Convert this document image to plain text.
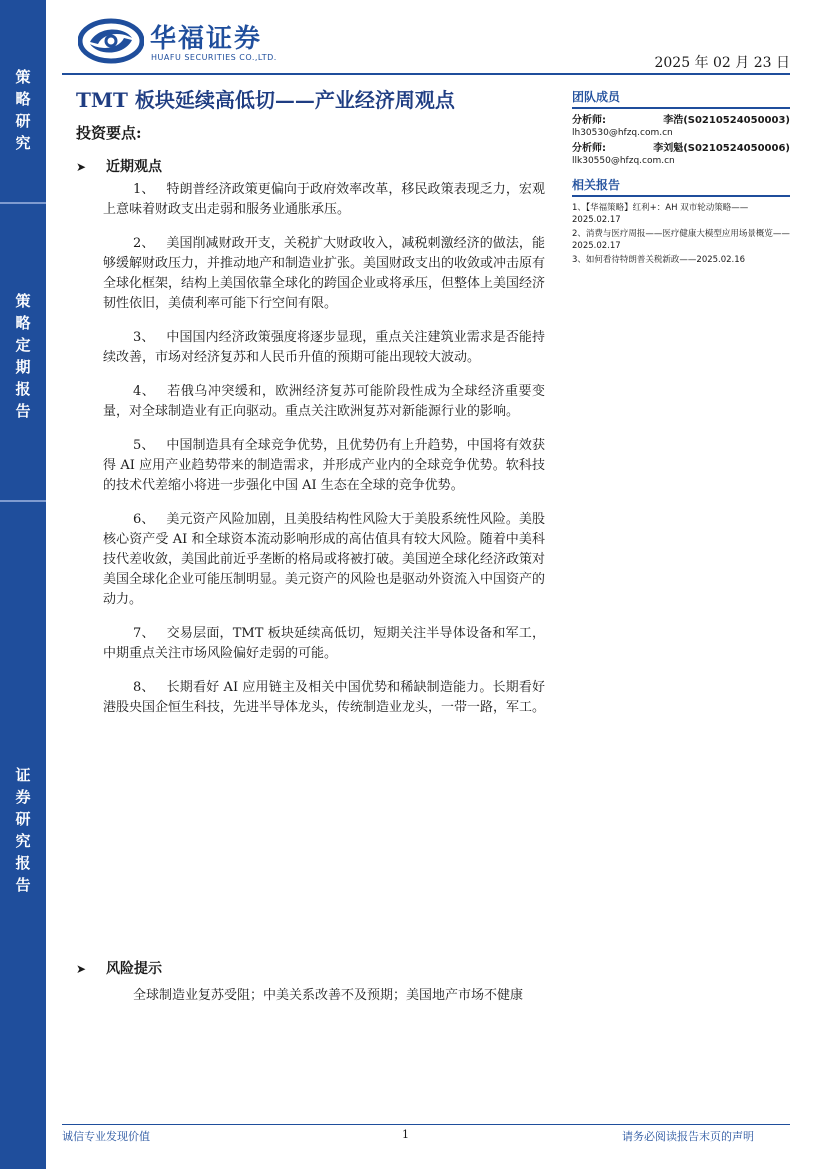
策略研究
策略定期报告
证券研究报告
华福证券
HUAFU SECURITIES CO.,LTD.	2025 年 02 月 23 日
TMT 板块延续高低切——产业经济周观点
投资要点:
➤ 近期观点

1、 特朗普经济政策更偏向于政府效率改革，移民政策表现乏力，宏观上意味着财政支出走弱和服务业通胀承压。

2、 美国削减财政开支，关税扩大财政收入，减税刺激经济的做法，能够缓解财政压力，并推动地产和制造业扩张。美国财政支出的收敛或冲击原有全球化框架，结构上美国依靠全球化的跨国企业或将承压，但整体上美国经济韧性依旧，美债利率可能下行空间有限。

3、 中国国内经济政策强度将逐步显现，重点关注建筑业需求是否能持续改善，市场对经济复苏和人民币升值的预期可能出现较大波动。

4、 若俄乌冲突缓和，欧洲经济复苏可能阶段性成为全球经济重要变量，对全球制造业有正向驱动。重点关注欧洲复苏对新能源行业的影响。

5、 中国制造具有全球竞争优势，且优势仍有上升趋势，中国将有效获得 AI 应用产业趋势带来的制造需求，并形成产业内的全球竞争优势。软科技的技术代差缩小将进一步强化中国 AI 生态在全球的竞争优势。

6、 美元资产风险加剧，且美股结构性风险大于美股系统性风险。美股核心资产受 AI 和全球资本流动影响形成的高估值具有较大风险。随着中美科技代差收敛，美国此前近乎垄断的格局或将被打破。美国逆全球化经济政策对美国全球化企业可能压制明显。美元资产的风险也是驱动外资流入中国资产的动力。

7、 交易层面，TMT 板块延续高低切，短期关注半导体设备和军工，中期重点关注市场风险偏好走弱的可能。

8、 长期看好 AI 应用链主及相关中国优势和稀缺制造能力。长期看好港股央国企恒生科技，先进半导体龙头，传统制造业龙头，一带一路，军工。

➤ 风险提示
全球制造业复苏受阻；中美关系改善不及预期；美国地产市场不健康
团队成员
分析师:	李浩(S0210524050003)
lh30530@hfzq.com.cn
分析师:	李刘魁(S0210524050006)
llk30550@hfzq.com.cn
相关报告
1、【华福策略】红利+：AH 双市轮动策略——2025.02.17
2、消费与医疗周报——医疗健康大模型应用场景概览——2025.02.17
3、如何看待特朗普关税新政——2025.02.16
诚信专业发现价值	1	请务必阅读报告末页的声明
